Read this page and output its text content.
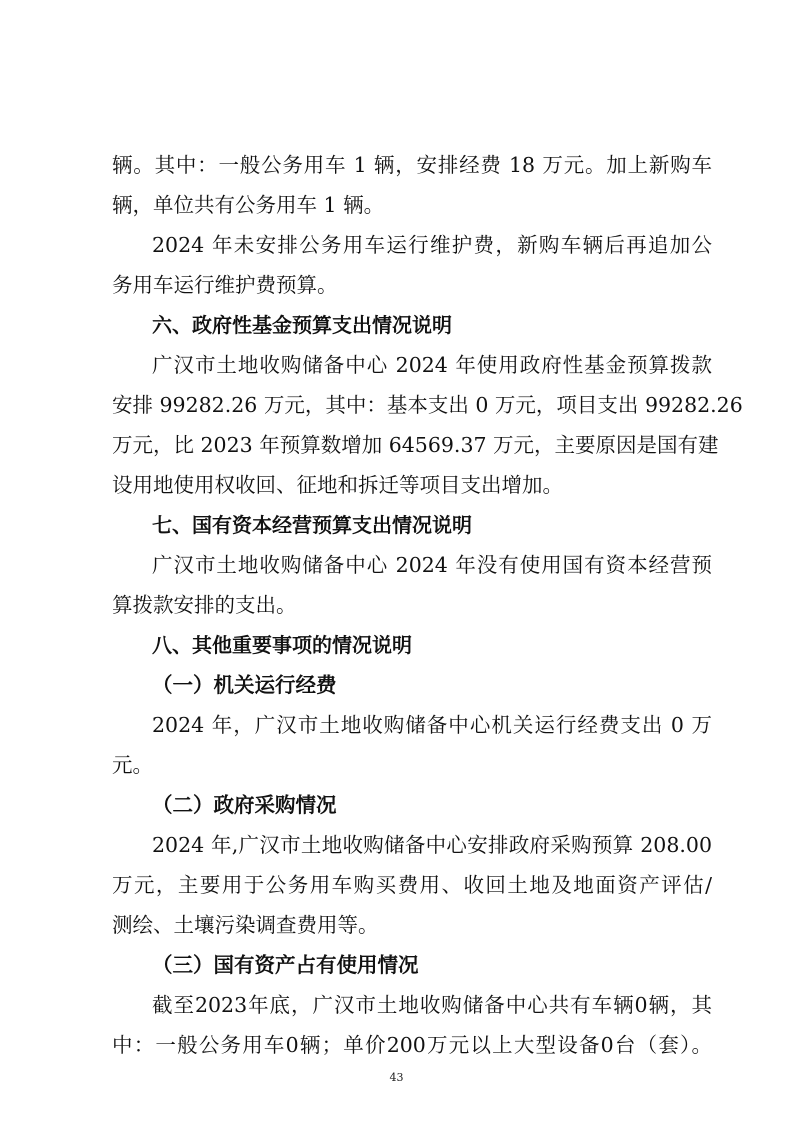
辆。其中：一般公务用车 1 辆，安排经费 18 万元。加上新购车
辆，单位共有公务用车 1 辆。
2024 年未安排公务用车运行维护费，新购车辆后再追加公
务用车运行维护费预算。
六、政府性基金预算支出情况说明
广汉市土地收购储备中心 2024 年使用政府性基金预算拨款
安排 99282.26 万元，其中：基本支出 0 万元，项目支出 99282.26
万元，比 2023 年预算数增加 64569.37 万元，主要原因是国有建
设用地使用权收回、征地和拆迁等项目支出增加。
七、国有资本经营预算支出情况说明
广汉市土地收购储备中心 2024 年没有使用国有资本经营预
算拨款安排的支出。
八、其他重要事项的情况说明
（一）机关运行经费
2024 年，广汉市土地收购储备中心机关运行经费支出 0 万
元。
（二）政府采购情况
2024 年,广汉市土地收购储备中心安排政府采购预算 208.00
万元，主要用于公务用车购买费用、收回土地及地面资产评估/
测绘、土壤污染调查费用等。
（三）国有资产占有使用情况
截至2023年底，广汉市土地收购储备中心共有车辆0辆，其
中：一般公务用车0辆；单价200万元以上大型设备0台（套）。
43
